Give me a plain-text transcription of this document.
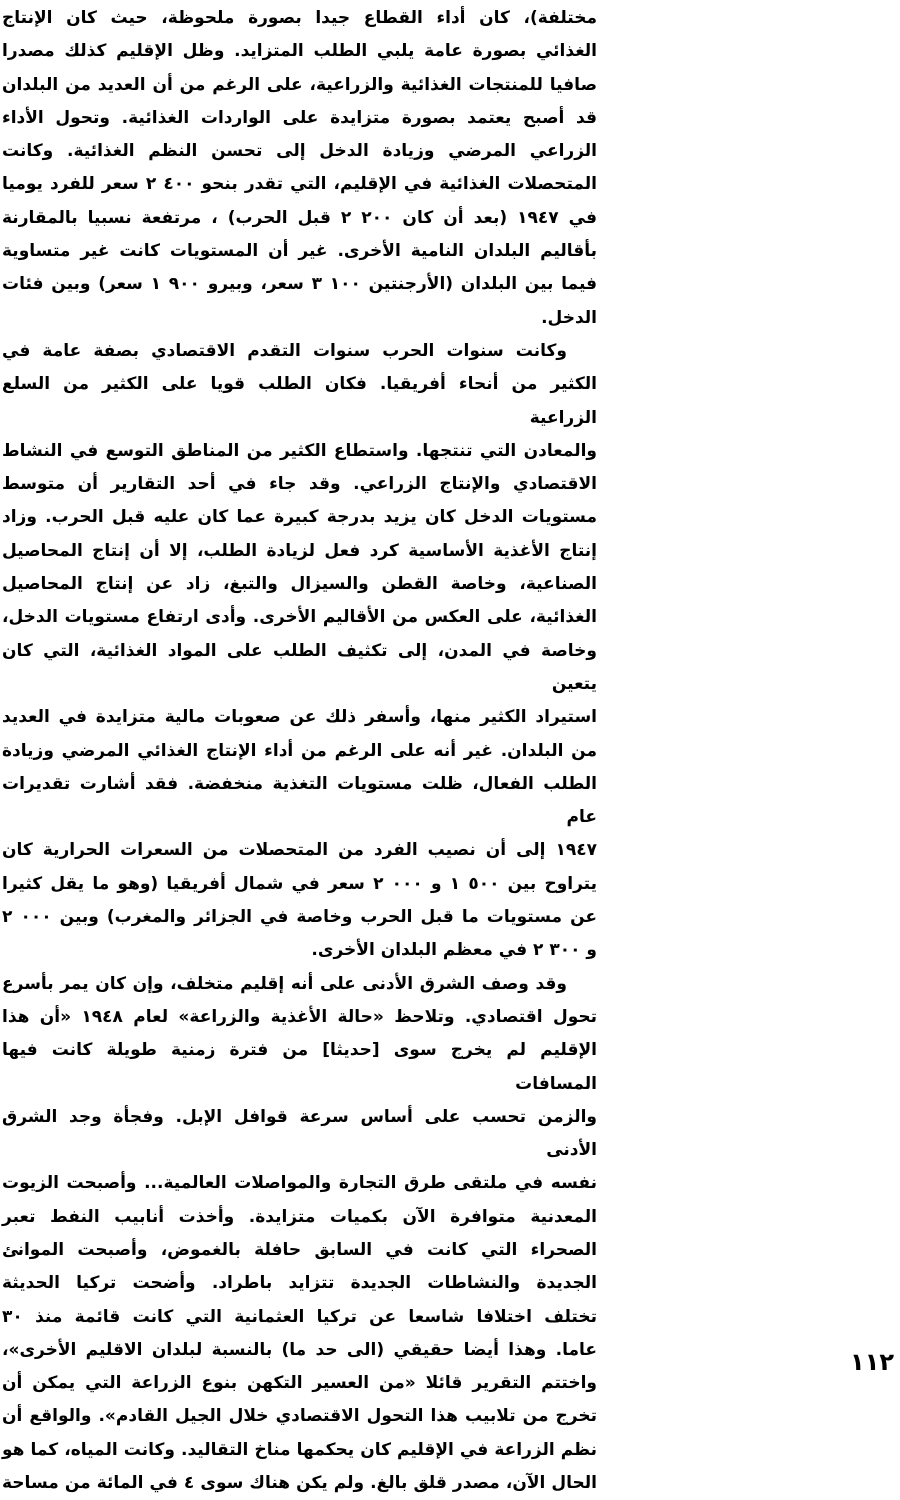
مختلفة)، كان أداء القطاع جيدا بصورة ملحوظة، حيث كان الإنتاج
الغذائي بصورة عامة يلبي الطلب المتزايد. وظل الإقليم كذلك مصدرا
صافيا للمنتجات الغذائية والزراعية، على الرغم من أن العديد من البلدان
قد أصبح يعتمد بصورة متزايدة على الواردات الغذائية. وتحول الأداء
الزراعي المرضي وزيادة الدخل إلى تحسن النظم الغذائية. وكانت
المتحصلات الغذائية في الإقليم، التي تقدر بنحو ٤٠٠ ٢ سعر للفرد يوميا
في ١٩٤٧ (بعد أن كان ٢٠٠ ٢ قبل الحرب) ، مرتفعة نسبيا بالمقارنة
بأقاليم البلدان النامية الأخرى. غير أن المستويات كانت غير متساوية
فيما بين البلدان (الأرجنتين ١٠٠ ٣ سعر، وبيرو ٩٠٠ ١ سعر) وبين فئات
الدخل.
وكانت سنوات الحرب سنوات التقدم الاقتصادي بصفة عامة في
الكثير من أنحاء أفريقيا. فكان الطلب قويا على الكثير من السلع الزراعية
والمعادن التي تنتجها. واستطاع الكثير من المناطق التوسع في النشاط
الاقتصادي والإنتاج الزراعي. وقد جاء في أحد التقارير أن متوسط
مستويات الدخل كان يزيد بدرجة كبيرة عما كان عليه قبل الحرب. وزاد
إنتاج الأغذية الأساسية كرد فعل لزيادة الطلب، إلا أن إنتاج المحاصيل
الصناعية، وخاصة القطن والسيزال والتبغ، زاد عن إنتاج المحاصيل
الغذائية، على العكس من الأقاليم الأخرى. وأدى ارتفاع مستويات الدخل،
وخاصة في المدن، إلى تكثيف الطلب على المواد الغذائية، التي كان يتعين
استيراد الكثير منها، وأسفر ذلك عن صعوبات مالية متزايدة في العديد
من البلدان. غير أنه على الرغم من أداء الإنتاج الغذائي المرضي وزيادة
الطلب الفعال، ظلت مستويات التغذية منخفضة. فقد أشارت تقديرات عام
١٩٤٧ إلى أن نصيب الفرد من المتحصلات من السعرات الحرارية كان
يتراوح بين ٥٠٠ ١ و ٠٠٠ ٢ سعر في شمال أفريقيا (وهو ما يقل كثيرا
عن مستويات ما قبل الحرب وخاصة في الجزائر والمغرب) وبين ٠٠٠ ٢
و ٣٠٠ ٢ في معظم البلدان الأخرى.
وقد وصف الشرق الأدنى على أنه إقليم متخلف، وإن كان يمر بأسرع
تحول اقتصادي. وتلاحظ «حالة الأغذية والزراعة» لعام ١٩٤٨ «أن هذا
الإقليم لم يخرج سوى [حديثا] من فترة زمنية طويلة كانت فيها المسافات
والزمن تحسب على أساس سرعة قوافل الإبل. وفجأة وجد الشرق الأدنى
نفسه في ملتقى طرق التجارة والمواصلات العالمية... وأصبحت الزيوت
المعدنية متوافرة الآن بكميات متزايدة. وأخذت أنابيب النفط تعبر
الصحراء التي كانت في السابق حافلة بالغموض، وأصبحت الموانئ
الجديدة والنشاطات الجديدة تتزايد باطراد. وأضحت تركيا الحديثة
تختلف اختلافا شاسعا عن تركيا العثمانية التي كانت قائمة منذ ٣٠
عاما. وهذا أيضا حقيقي (الى حد ما) بالنسبة لبلدان الاقليم الأخرى»،
واختتم التقرير قائلا «من العسير التكهن بنوع الزراعة التي يمكن أن
تخرج من تلابيب هذا التحول الاقتصادي خلال الجيل القادم». والواقع أن
نظم الزراعة في الإقليم كان يحكمها مناخ التقاليد. وكانت المياه، كما هو
الحال الآن، مصدر قلق بالغ. ولم يكن هناك سوى ٤ في المائة من مساحة
١١٢
